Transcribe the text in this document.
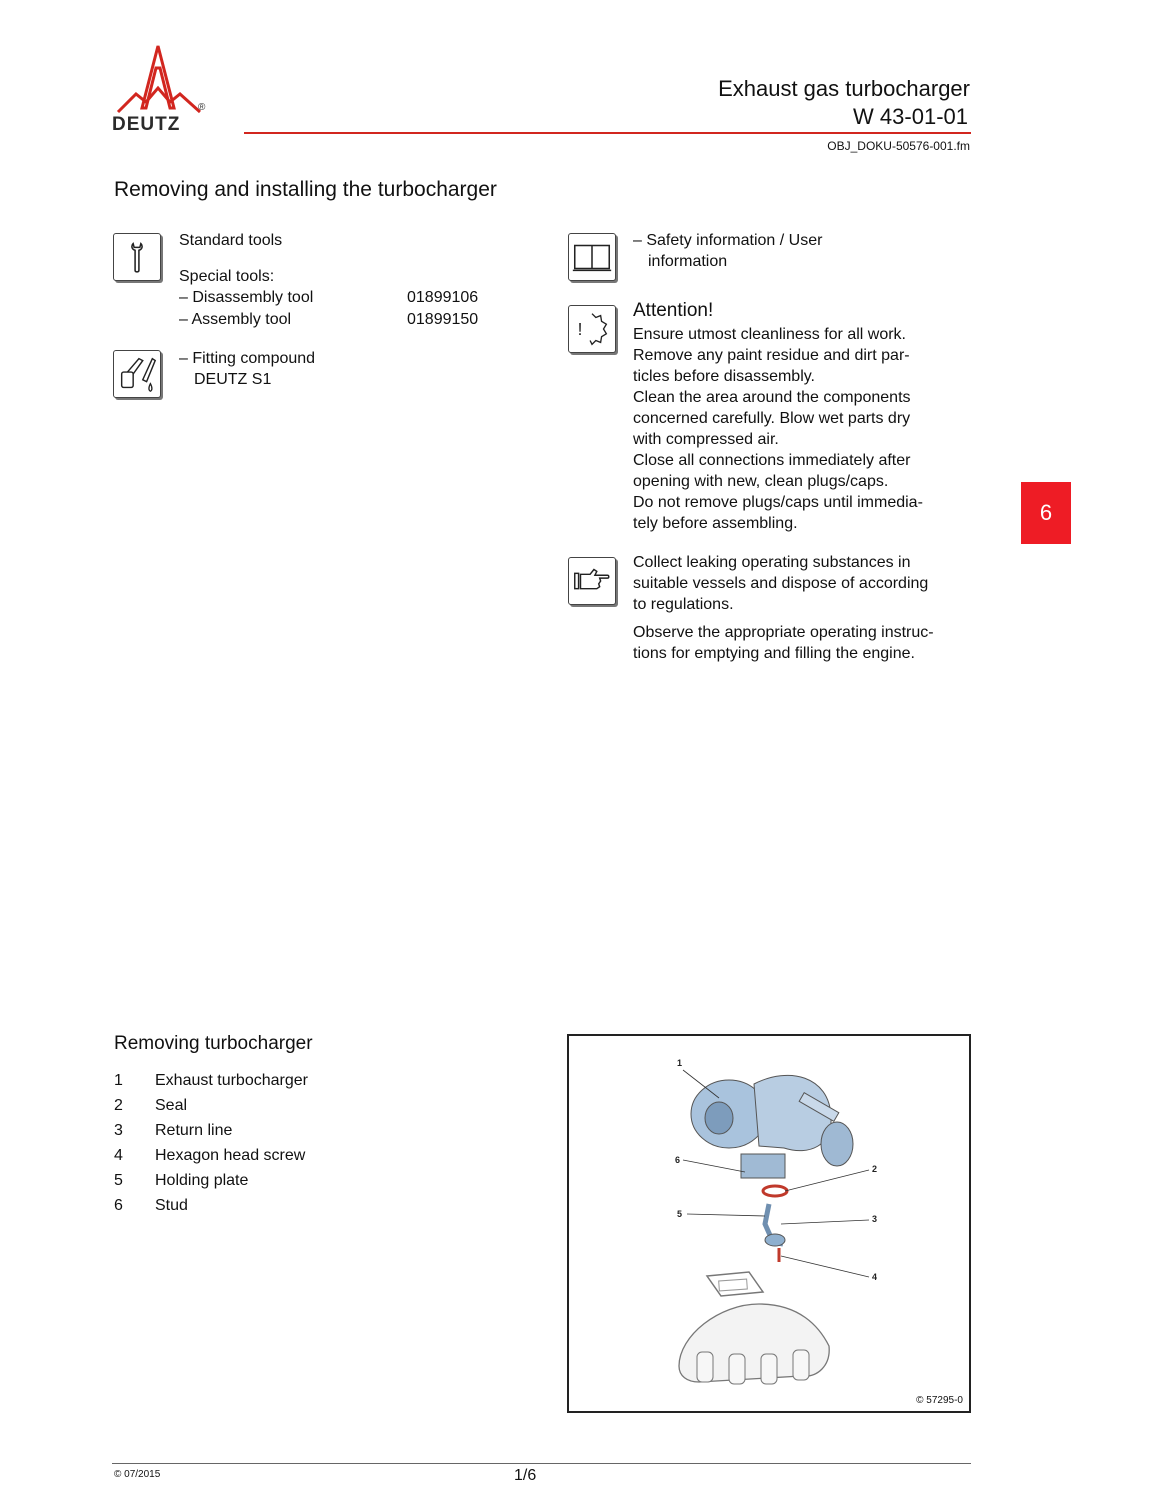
®
DEUTZ
Exhaust gas turbocharger
W 43-01-01
OBJ_DOKU-50576-001.fm
Removing and installing the turbocharger
Standard tools
Special tools:
– Disassembly tool	01899106
– Assembly tool	01899150
– Fitting compound
DEUTZ S1
– Safety information / User
information
!
Attention!
Ensure utmost cleanliness for all work.
Remove any paint residue and dirt par-
ticles before disassembly.
Clean the area around the components
concerned carefully. Blow wet parts dry
with compressed air.
Close all connections immediately after
opening with new, clean plugs/caps.
Do not remove plugs/caps until immedia-
tely before assembling.
Collect leaking operating substances in
suitable vessels and dispose of according
to regulations.
Observe the appropriate operating instruc-
tions for emptying and filling the engine.
6
Removing turbocharger
1 Exhaust turbocharger
2 Seal
3 Return line
4 Hexagon head screw
5 Holding plate
6 Stud
1
2
3
4
5
6
© 57295-0
© 07/2015	1/6
